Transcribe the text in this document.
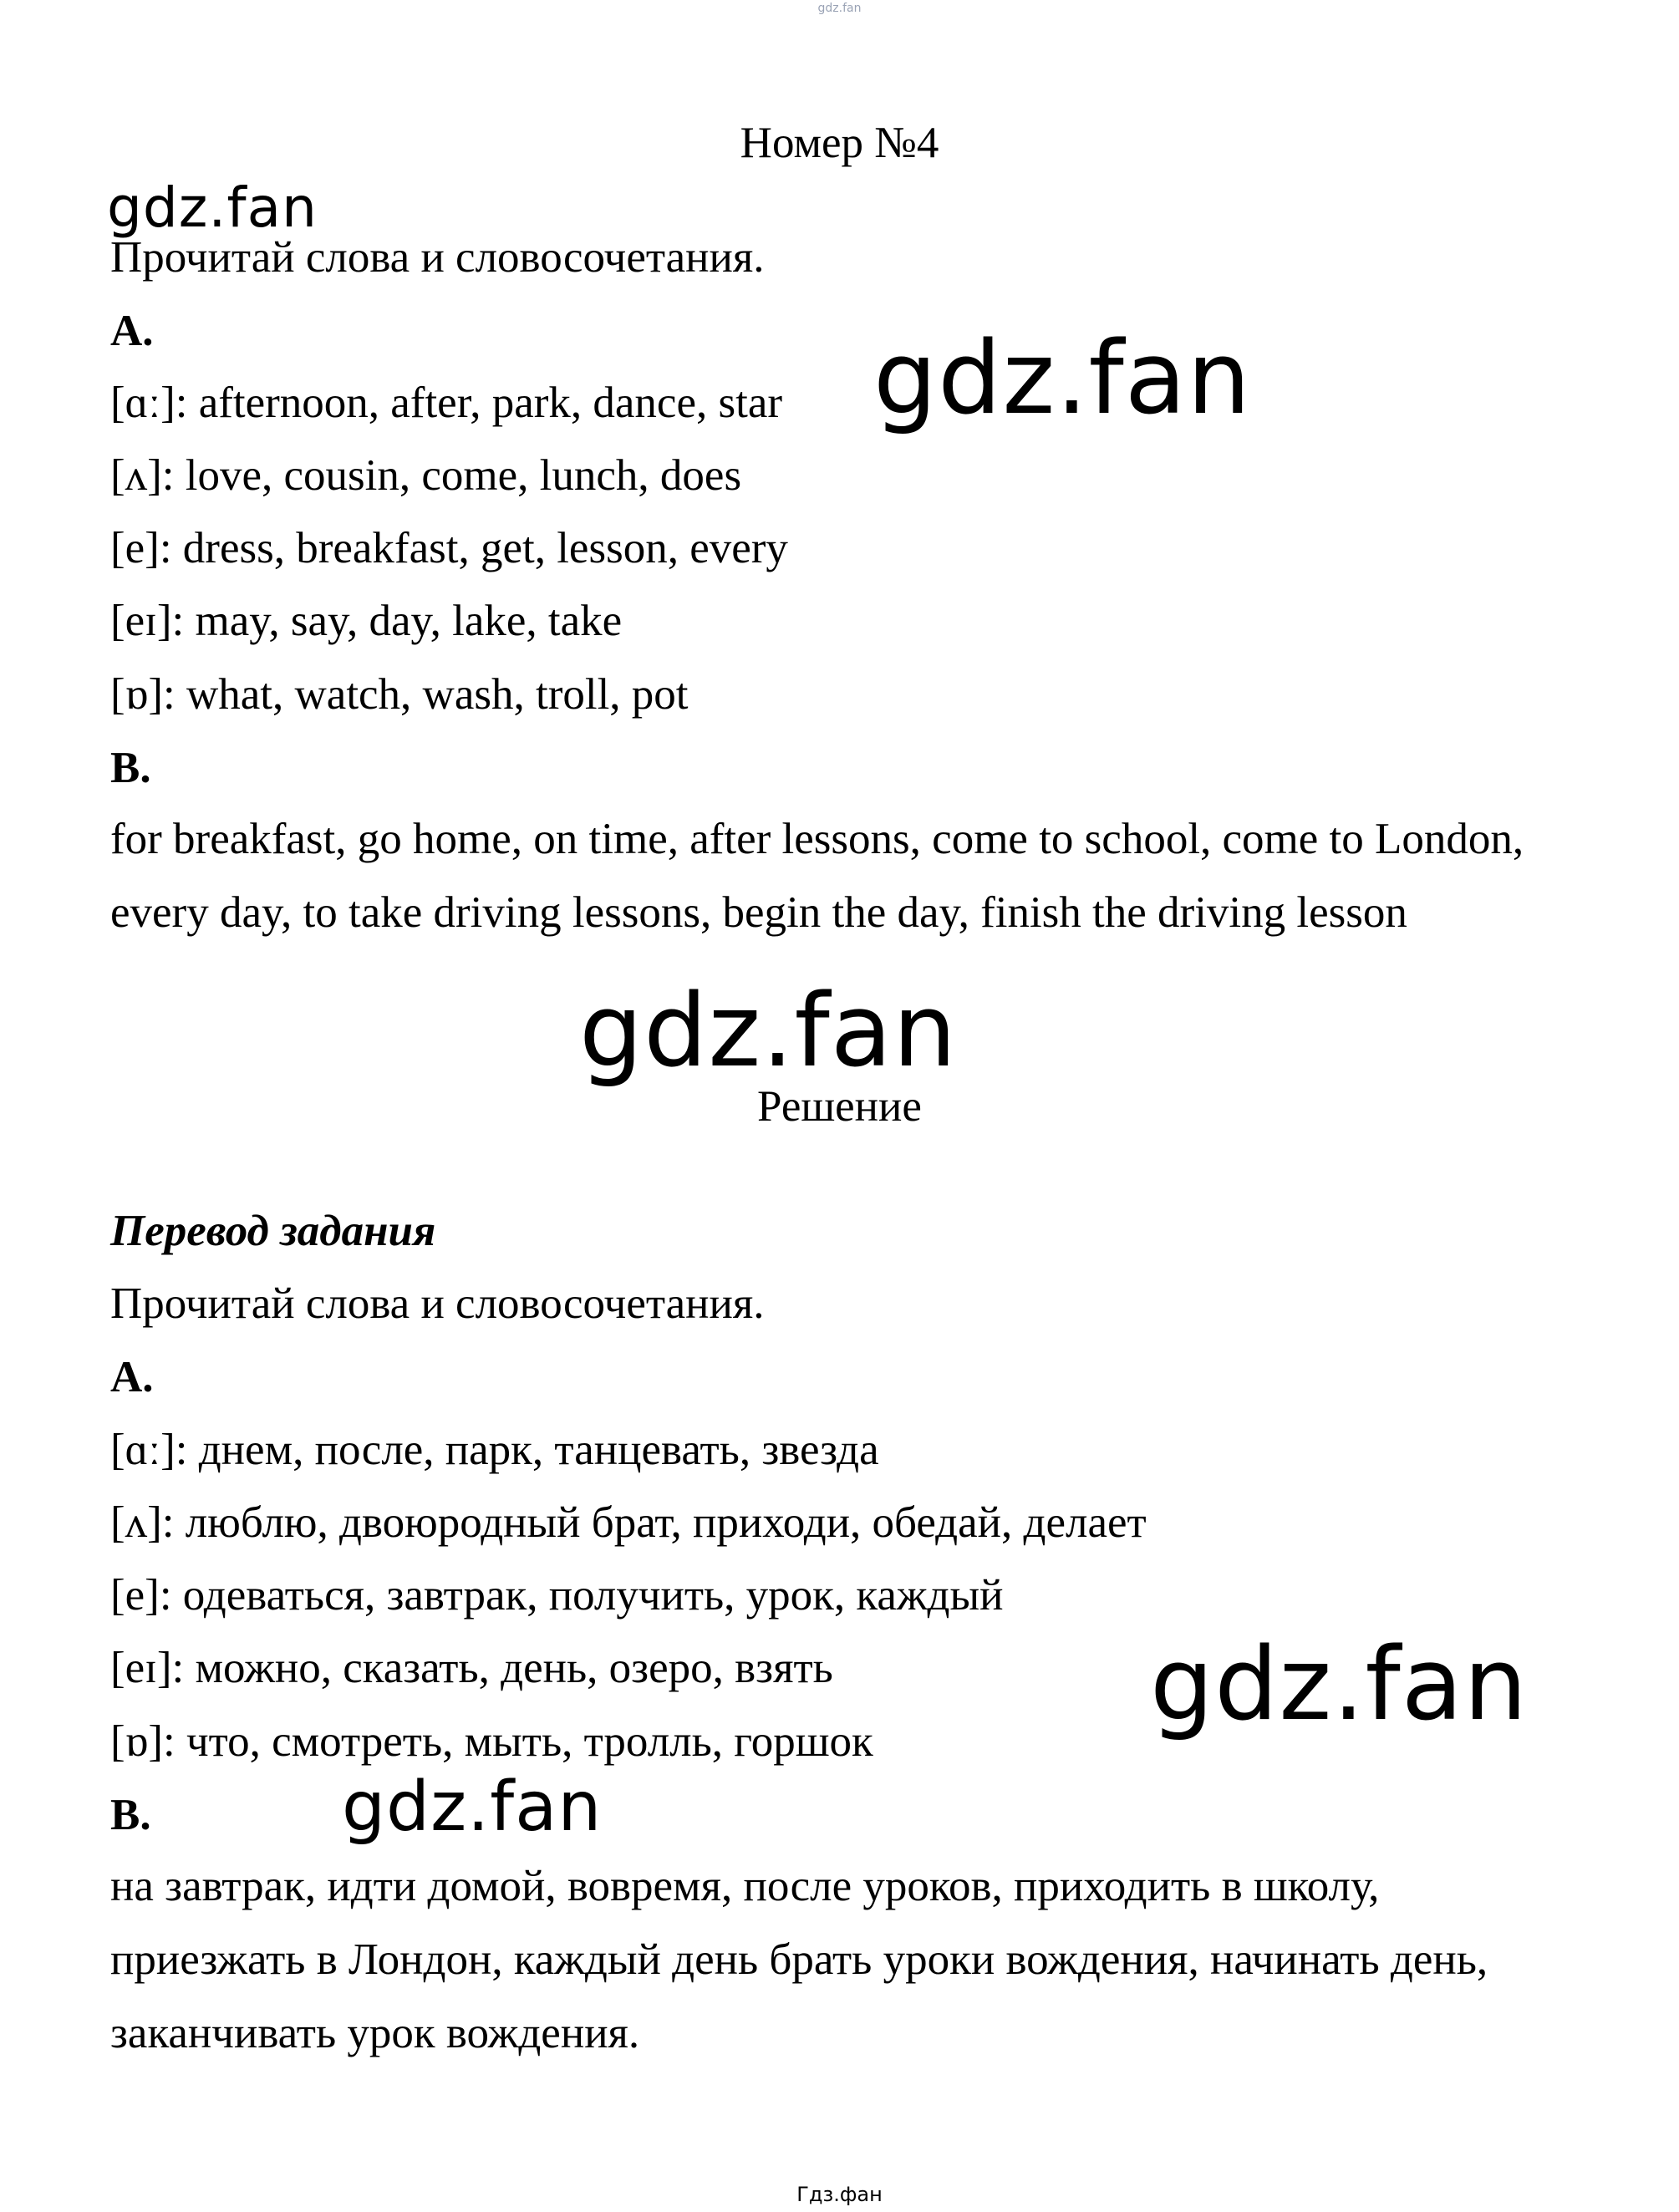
gdz.fan
Номер №4
gdz.fan
gdz.fan
gdz.fan
gdz.fan
gdz.fan
Прочитай слова и словосочетания.
A.
[ɑː]: afternoon, after, park, dance, star
[ʌ]: love, cousin, come, lunch, does
[e]: dress, breakfast, get, lesson, every
[eɪ]: may, say, day, lake, take
[ɒ]: what, watch, wash, troll, pot
B.
for breakfast, go home, on time, after lessons, come to school, come to London, every day, to take driving lessons, begin the day, finish the driving lesson
Решение
Перевод задания
Прочитай слова и словосочетания.
A.
[ɑː]: днем, после, парк, танцевать, звезда
[ʌ]: люблю, двоюродный брат, приходи, обедай, делает
[e]: одеваться, завтрак, получить, урок, каждый
[eɪ]: можно, сказать, день, озеро, взять
[ɒ]: что, смотреть, мыть, тролль, горшок
B.
на завтрак, идти домой, вовремя, после уроков, приходить в школу, приезжать в Лондон, каждый день брать уроки вождения, начинать день, заканчивать урок вождения.
Гдз.фан
